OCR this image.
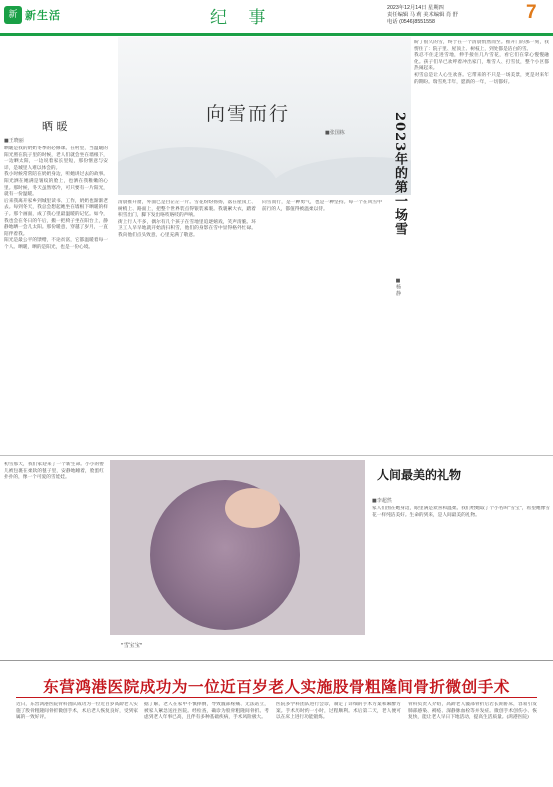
新 新生活	纪 事	2023年12月14日 星期四
责任编辑 马 莉 美术编辑 肖 舒
电话 (0546)8551558	7
向雪而行
■张国栋
晒 暖
■王晓丽

晒暖是我的奶奶冬季的必修课。在村里，当温暖的阳光照在院子里的时候，老人们就会坐在墙根下，一边晒太阳，一边说着家长里短，那份惬意与安详，是城里人难以体会的。

我小时候常常陪在奶奶身边，听她讲过去的故事。阳光洒在她满是皱纹的脸上，也洒在我稚嫩的心里。那时候，冬天虽然寒冷，可只要有一片阳光，就有一份温暖。

后来我离开家乡到城里读书、工作，奶奶也渐渐老去。每到冬天，我总会想起她坐在墙根下晒暖的样子。那个画面，成了我心里最温暖的记忆。如今，我也会在冬日的午后，搬一把椅子坐在阳台上，静静地晒一会儿太阳。那份暖意，穿越了岁月，一直陪伴着我。

阳光是最公平的馈赠，不论贫富，它都温暖着每一个人。晒暖，晒的是阳光，也是一份心境。

清晨推开窗，外面已是白茫茫一片。雪花纷纷扬扬，落在屋顶上、树梢上、路面上，把整个世界装点得银装素裹。我裹紧大衣，踏着积雪出门，脚下发出咯吱咯吱的声响。

街上行人不多，偶尔有几个孩子在雪地里追逐嬉戏，笑声清脆。环卫工人早早地就开始清扫积雪，他们的身影在雪中显得格外忙碌。我向他们点头致意，心里充满了敬意。

向雪而行，是一种勇气，也是一种坚持。每一个在风雪中前行的人，都值得被温柔以待。	2023年的第一场雪
■杨 静

盼了很久的雪，终于在一个清晨悄然而至。推开门的那一刻，我愣住了：院子里、屋顶上、树枝上，到处都是洁白的雪。

我忍不住走进雪地，伸手接住几片雪花，看它们在掌心慢慢融化。孩子们早已欢呼着冲出家门，堆雪人、打雪仗，整个小区都热闹起来。

初雪总是让人心生欢喜。它带来的不只是一场美景，更是对来年的期盼。瑞雪兆丰年，愿新的一年，一切都好。

初雪那天，我们家迎来了一个新生命。小小的婴儿被包裹在柔软的毯子里，安静地睡着，脸蛋红扑扑的，像一个可爱的雪娃娃。

"雪宝宝"
人间最美的礼物
■李超然

家人们围在她身边，眼里满是欢喜和温柔。我们给她取了个小名叫"雪宝"，希望她像雪花一样纯洁美好。生命的到来，是人间最美的礼物。

东营鸿港医院成功为一位近百岁老人实施股骨粗隆间骨折微创手术

近日，东营鸿港医院骨科团队成功为一位近百岁高龄老人实施了股骨粗隆间骨折微创手术，术后老人恢复良好，受到家属的一致好评。

据了解，老人在家中不慎摔倒，导致髋部疼痛、无法站立，被家人紧急送往医院。经检查，确诊为股骨粗隆间骨折。考虑到老人年事已高，且伴有多种基础疾病，手术风险极大。

医院多学科团队进行会诊，制定了详细的手术方案和麻醉方案。手术历时约一小时，过程顺利。术后第二天，老人便可以在床上进行功能锻炼。

骨科负责人介绍，高龄老人髋部骨折后若长期卧床，容易引发肺部感染、褥疮、深静脉血栓等并发症。微创手术创伤小、恢复快，能让老人早日下地活动，提高生活质量。(鸿港医院)
